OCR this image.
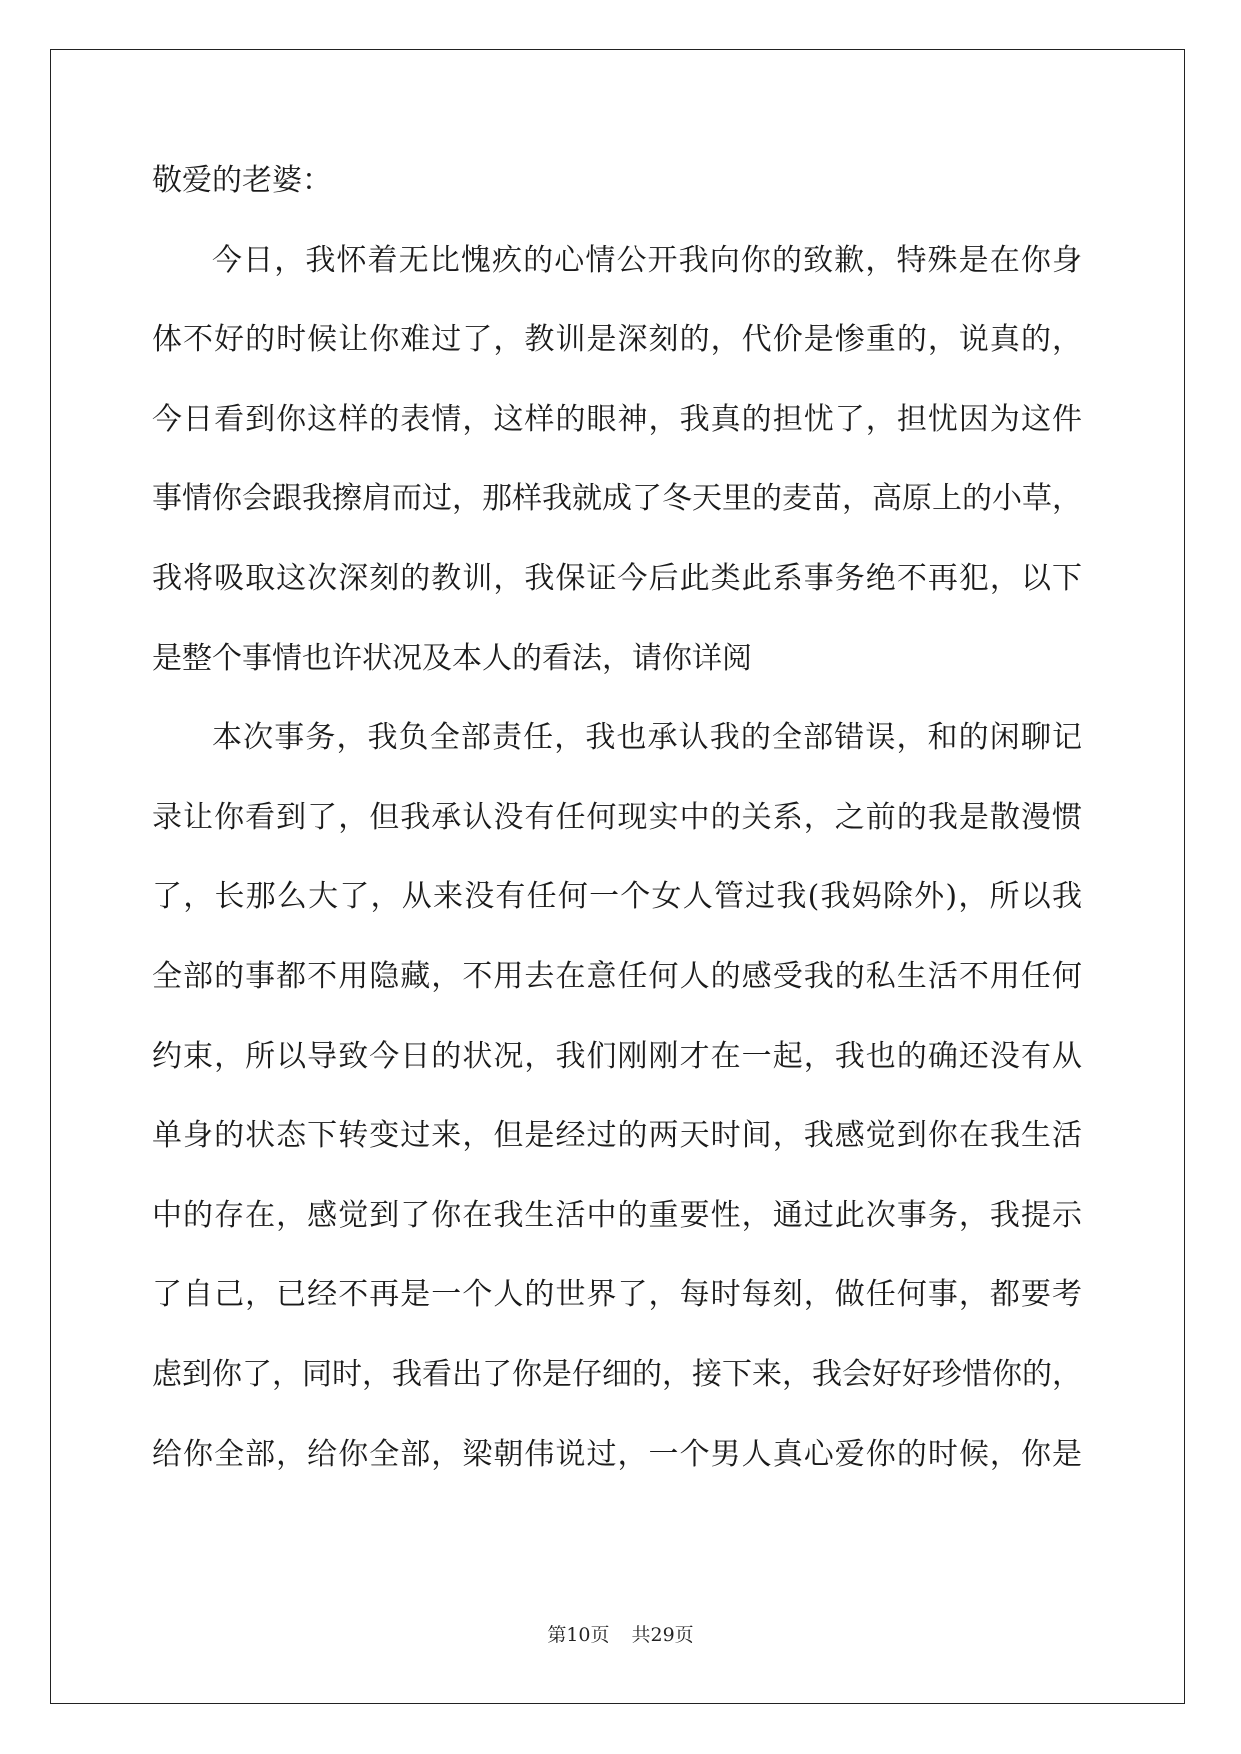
敬爱的老婆：
今日，我怀着无比愧疚的心情公开我向你的致歉，特殊是在你身
体不好的时候让你难过了，教训是深刻的，代价是惨重的，说真的，
今日看到你这样的表情，这样的眼神，我真的担忧了，担忧因为这件
事情你会跟我擦肩而过，那样我就成了冬天里的麦苗，高原上的小草，
我将吸取这次深刻的教训，我保证今后此类此系事务绝不再犯，以下
是整个事情也许状况及本人的看法，请你详阅
本次事务，我负全部责任，我也承认我的全部错误，和的闲聊记
录让你看到了，但我承认没有任何现实中的关系，之前的我是散漫惯
了，长那么大了，从来没有任何一个女人管过我(我妈除外)，所以我
全部的事都不用隐藏，不用去在意任何人的感受我的私生活不用任何
约束，所以导致今日的状况，我们刚刚才在一起，我也的确还没有从
单身的状态下转变过来，但是经过的两天时间，我感觉到你在我生活
中的存在，感觉到了你在我生活中的重要性，通过此次事务，我提示
了自己，已经不再是一个人的世界了，每时每刻，做任何事，都要考
虑到你了，同时，我看出了你是仔细的，接下来，我会好好珍惜你的，
给你全部，给你全部，梁朝伟说过，一个男人真心爱你的时候，你是
第10页 共29页
